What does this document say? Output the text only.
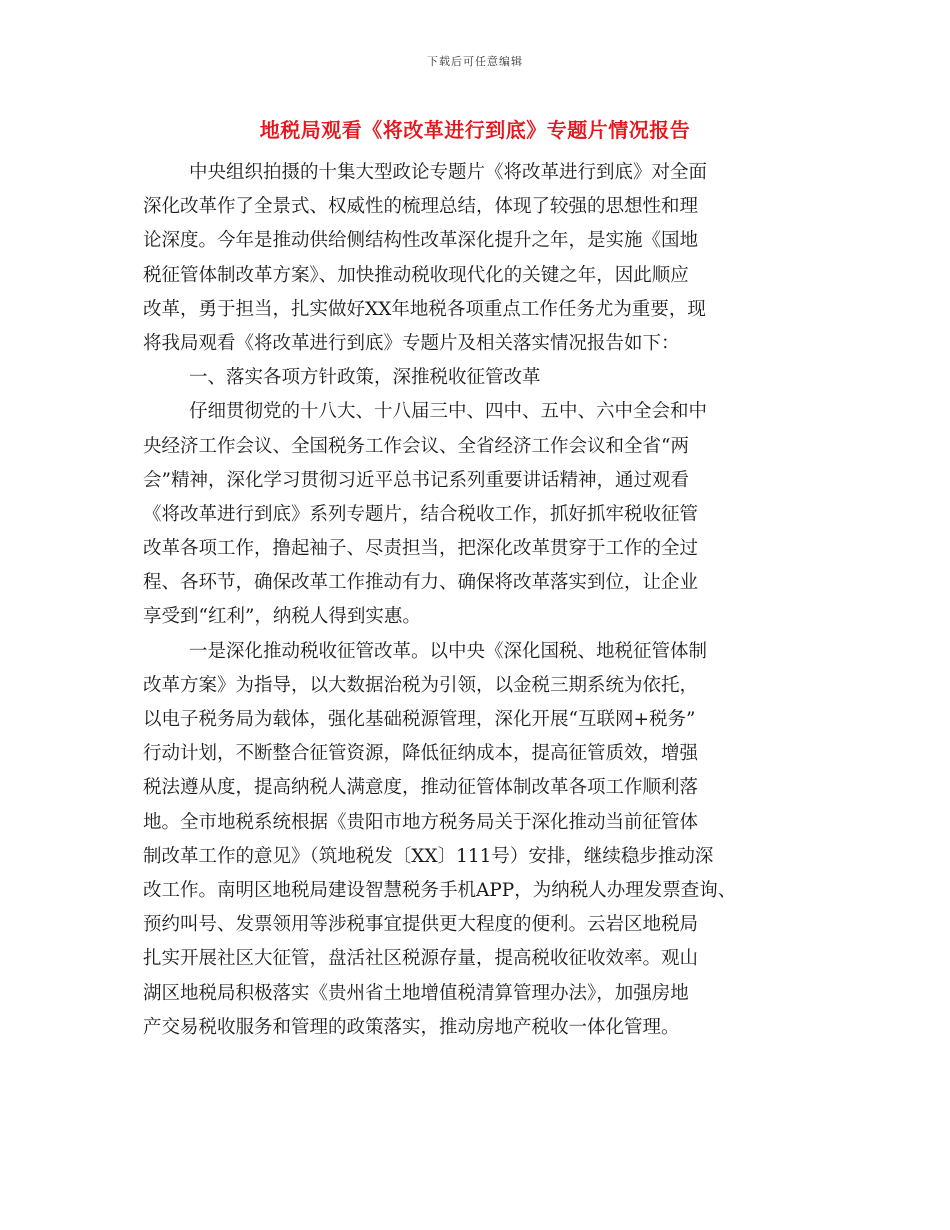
下载后可任意编辑
地税局观看《将改革进行到底》专题片情况报告
中央组织拍摄的十集大型政论专题片《将改革进行到底》对全面
深化改革作了全景式、权威性的梳理总结，体现了较强的思想性和理
论深度。今年是推动供给侧结构性改革深化提升之年，是实施《国地
税征管体制改革方案》、加快推动税收现代化的关键之年，因此顺应
改革，勇于担当，扎实做好XX年地税各项重点工作任务尤为重要，现
将我局观看《将改革进行到底》专题片及相关落实情况报告如下：
一、落实各项方针政策，深推税收征管改革
仔细贯彻党的十八大、十八届三中、四中、五中、六中全会和中
央经济工作会议、全国税务工作会议、全省经济工作会议和全省“两
会”精神，深化学习贯彻习近平总书记系列重要讲话精神，通过观看
《将改革进行到底》系列专题片，结合税收工作，抓好抓牢税收征管
改革各项工作，撸起袖子、尽责担当，把深化改革贯穿于工作的全过
程、各环节，确保改革工作推动有力、确保将改革落实到位，让企业
享受到“红利”，纳税人得到实惠。
一是深化推动税收征管改革。以中央《深化国税、地税征管体制
改革方案》为指导，以大数据治税为引领，以金税三期系统为依托，
以电子税务局为载体，强化基础税源管理，深化开展“互联网+税务”
行动计划，不断整合征管资源，降低征纳成本，提高征管质效，增强
税法遵从度，提高纳税人满意度，推动征管体制改革各项工作顺利落
地。全市地税系统根据《贵阳市地方税务局关于深化推动当前征管体
制改革工作的意见》（筑地税发〔XX〕111号）安排，继续稳步推动深
改工作。南明区地税局建设智慧税务手机APP，为纳税人办理发票查询、
预约叫号、发票领用等涉税事宜提供更大程度的便利。云岩区地税局
扎实开展社区大征管，盘活社区税源存量，提高税收征收效率。观山
湖区地税局积极落实《贵州省土地增值税清算管理办法》，加强房地
产交易税收服务和管理的政策落实，推动房地产税收一体化管理。
